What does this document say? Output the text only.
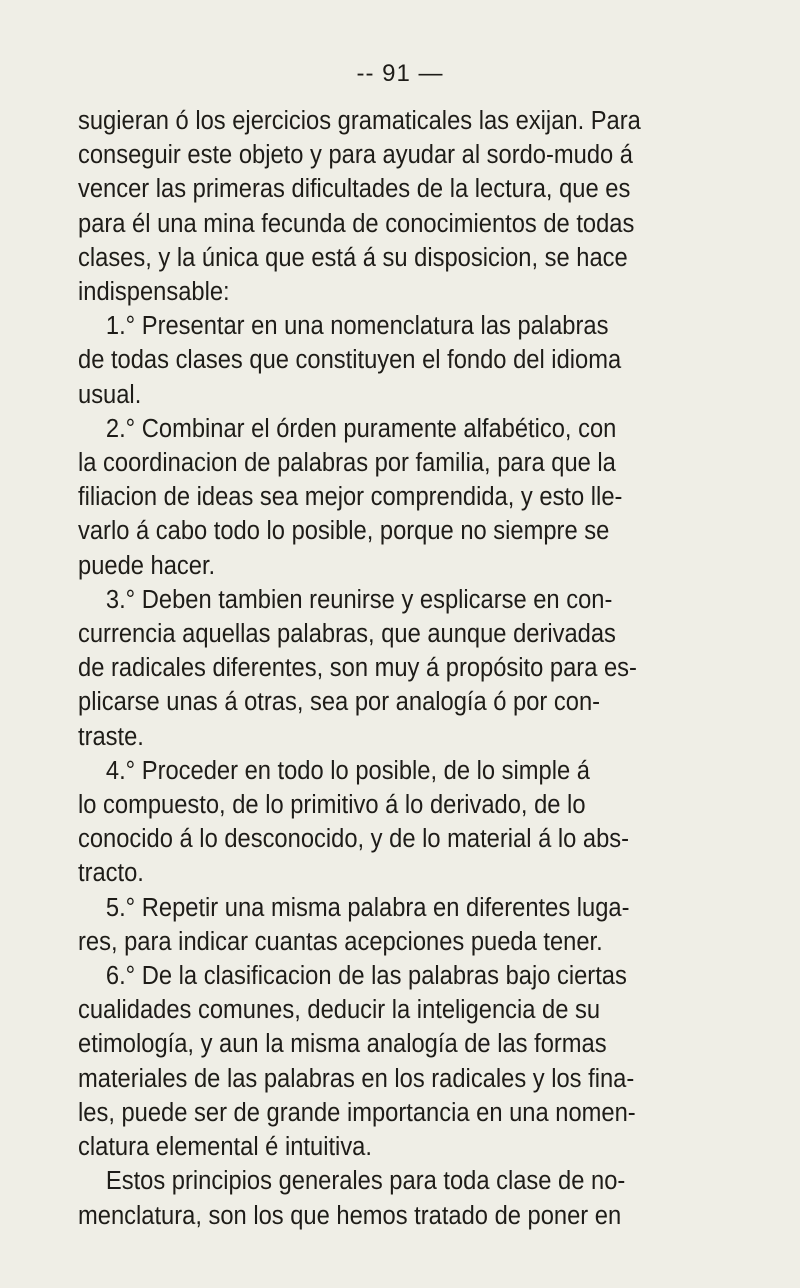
-- 91 —
sugieran ó los ejercicios gramaticales las exijan. Para
conseguir este objeto y para ayudar al sordo-mudo á
vencer las primeras dificultades de la lectura, que es
para él una mina fecunda de conocimientos de todas
clases, y la única que está á su disposicion, se hace
indispensable:
1.° Presentar en una nomenclatura las palabras
de todas clases que constituyen el fondo del idioma
usual.
2.° Combinar el órden puramente alfabético, con
la coordinacion de palabras por familia, para que la
filiacion de ideas sea mejor comprendida, y esto lle-
varlo á cabo todo lo posible, porque no siempre se
puede hacer.
3.° Deben tambien reunirse y esplicarse en con-
currencia aquellas palabras, que aunque derivadas
de radicales diferentes, son muy á propósito para es-
plicarse unas á otras, sea por analogía ó por con-
traste.
4.° Proceder en todo lo posible, de lo simple á
lo compuesto, de lo primitivo á lo derivado, de lo
conocido á lo desconocido, y de lo material á lo abs-
tracto.
5.° Repetir una misma palabra en diferentes luga-
res, para indicar cuantas acepciones pueda tener.
6.° De la clasificacion de las palabras bajo ciertas
cualidades comunes, deducir la inteligencia de su
etimología, y aun la misma analogía de las formas
materiales de las palabras en los radicales y los fina-
les, puede ser de grande importancia en una nomen-
clatura elemental é intuitiva.
Estos principios generales para toda clase de no-
menclatura, son los que hemos tratado de poner en
